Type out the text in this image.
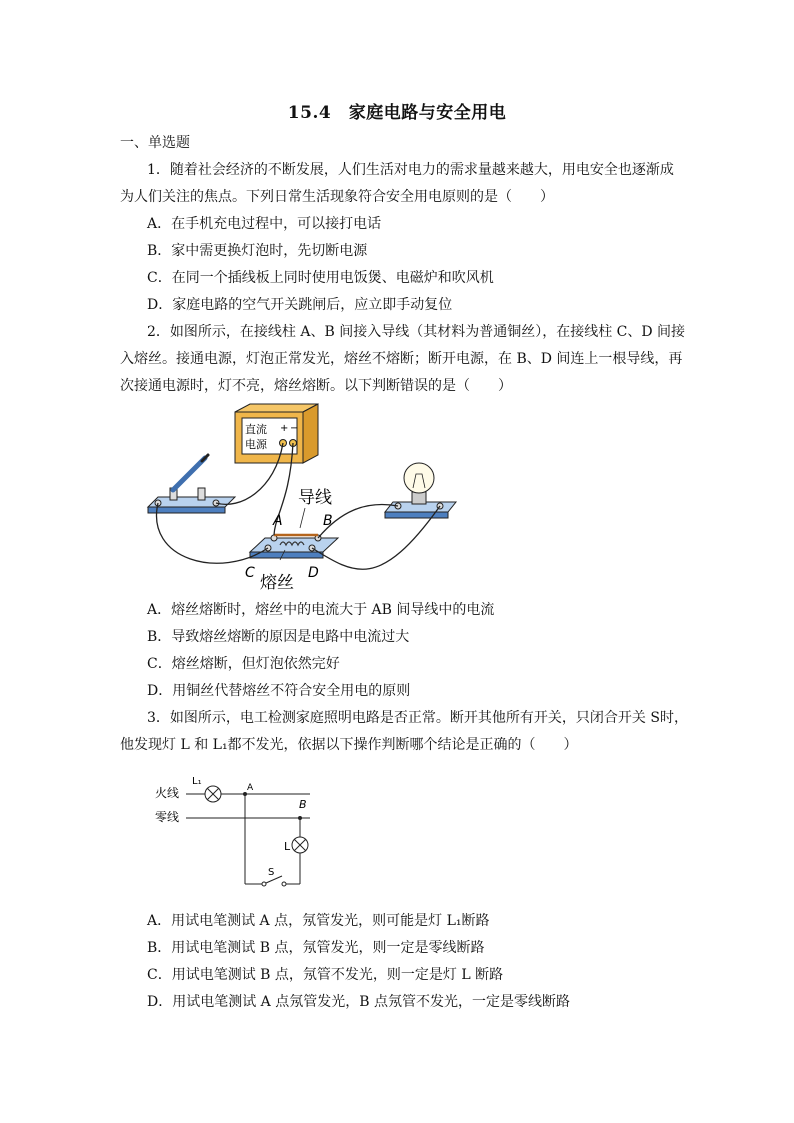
15.4　家庭电路与安全用电
一、单选题
1．随着社会经济的不断发展，人们生活对电力的需求量越来越大，用电安全也逐渐成
为人们关注的焦点。下列日常生活现象符合安全用电原则的是（　　）
A．在手机充电过程中，可以接打电话
B．家中需更换灯泡时，先切断电源
C．在同一个插线板上同时使用电饭煲、电磁炉和吹风机
D．家庭电路的空气开关跳闸后，应立即手动复位
2．如图所示，在接线柱 A、B 间接入导线（其材料为普通铜丝），在接线柱 C、D 间接
入熔丝。接通电源，灯泡正常发光，熔丝不熔断；断开电源，在 B、D 间连上一根导线，再
次接通电源时，灯不亮，熔丝熔断。以下判断错误的是（　　）
直流
电源
+ −
导线
A	B
C	D
熔丝
A．熔丝熔断时，熔丝中的电流大于 AB 间导线中的电流
B．导致熔丝熔断的原因是电路中电流过大
C．熔丝熔断，但灯泡依然完好
D．用铜丝代替熔丝不符合安全用电的原则
3．如图所示，电工检测家庭照明电路是否正常。断开其他所有开关，只闭合开关 S时，
他发现灯 L 和 L₁都不发光，依据以下操作判断哪个结论是正确的（　　）
火线
零线
L₁
A
B
L
S
A．用试电笔测试 A 点，氖管发光，则可能是灯 L₁断路
B．用试电笔测试 B 点，氖管发光，则一定是零线断路
C．用试电笔测试 B 点，氖管不发光，则一定是灯 L 断路
D．用试电笔测试 A 点氖管发光，B 点氖管不发光，一定是零线断路
